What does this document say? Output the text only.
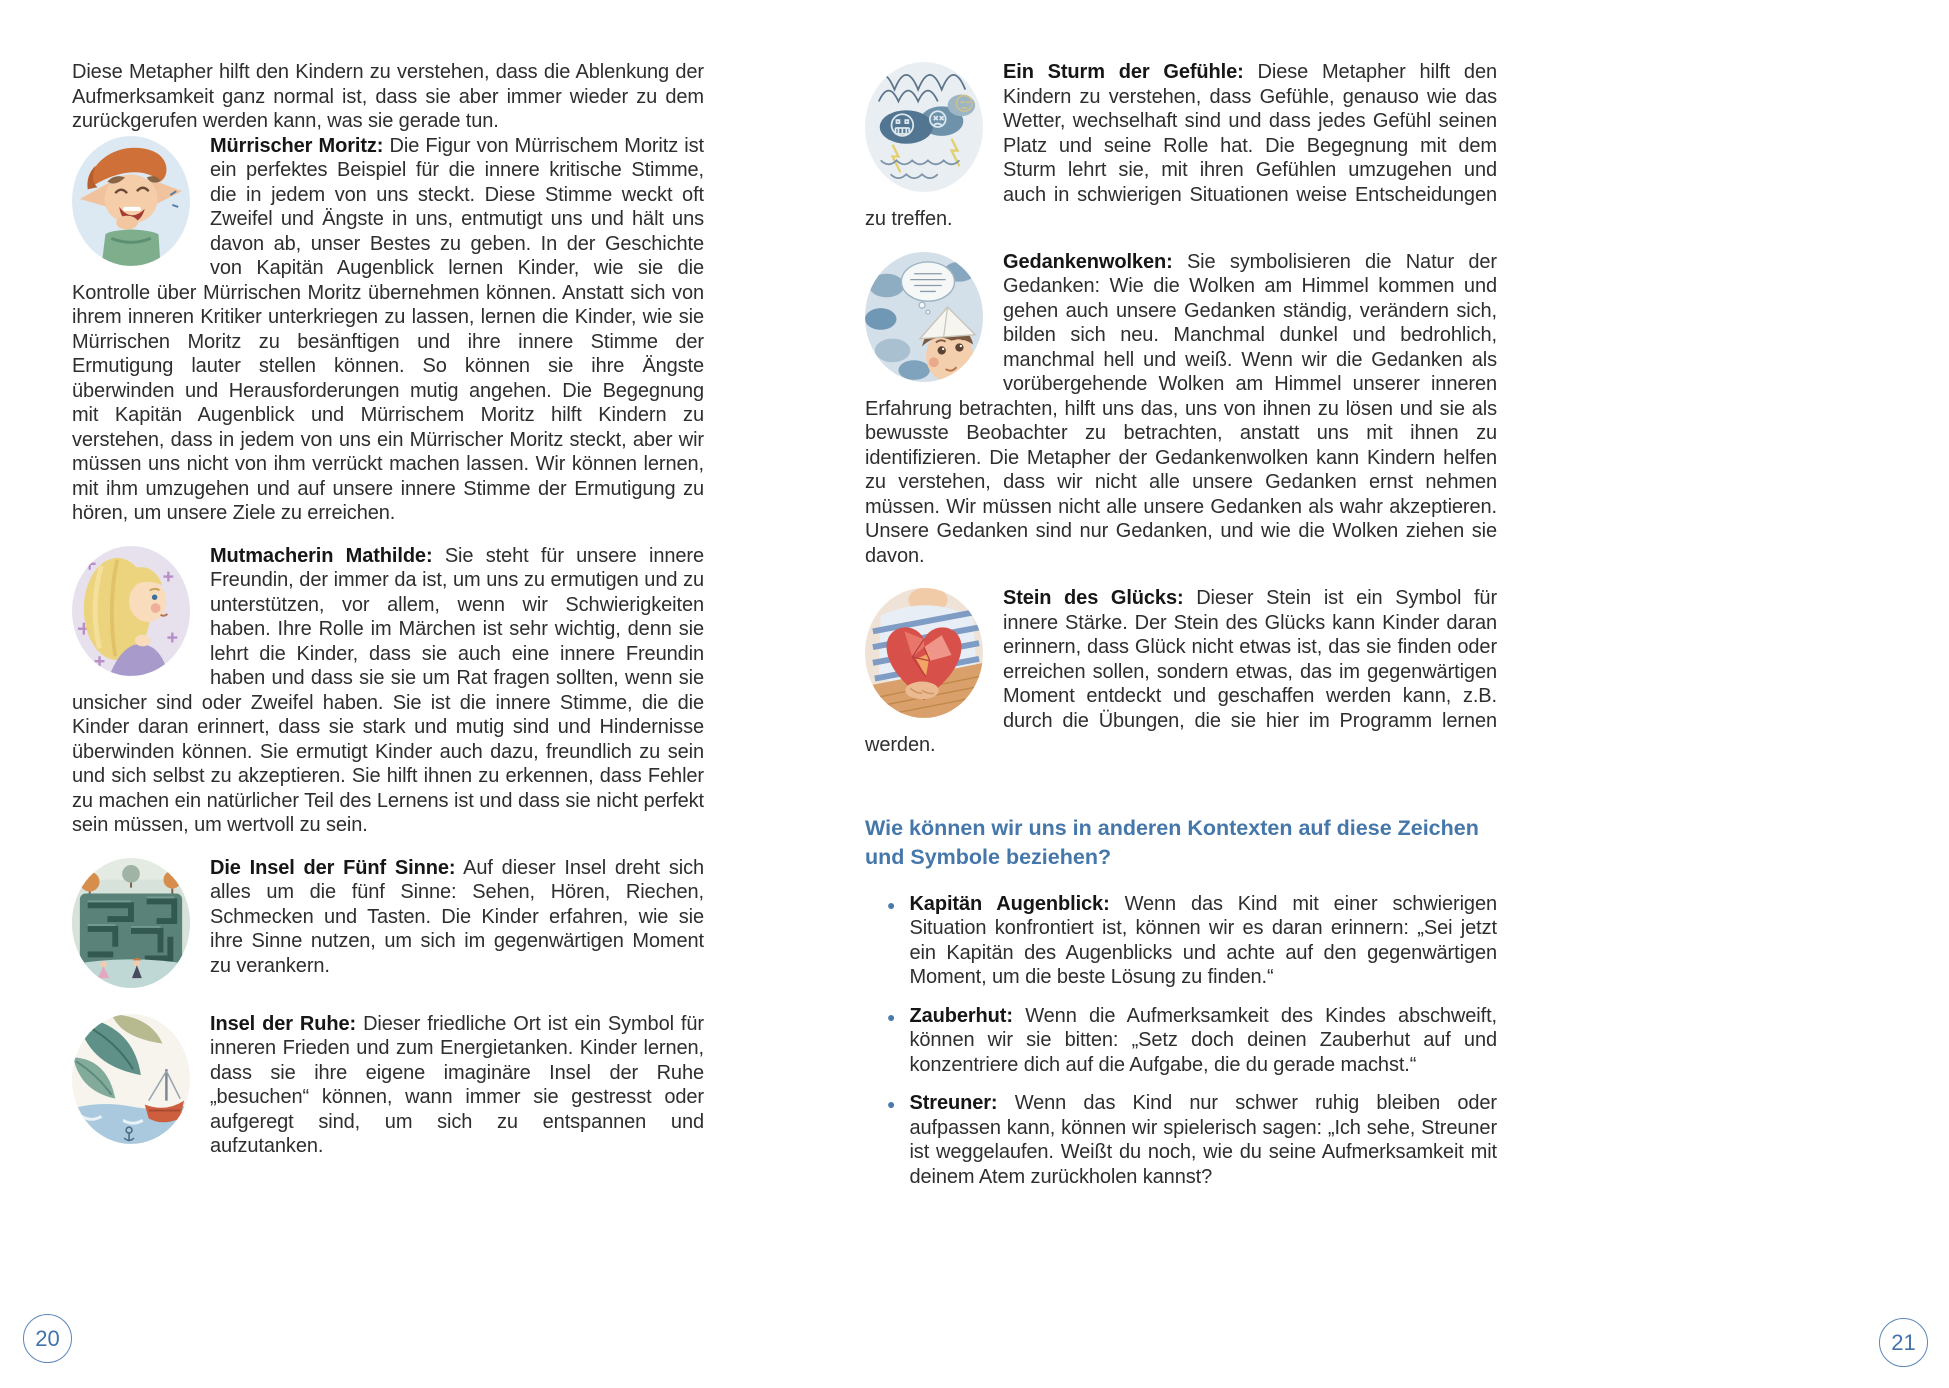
Diese Metapher hilft den Kindern zu verstehen, dass die Ablenkung der Aufmerksamkeit ganz normal ist, dass sie aber immer wieder zu dem zurückgerufen werden kann, was sie gerade tun.

Mürrischer Moritz: Die Figur von Mürrischem Moritz ist ein perfektes Beispiel für die innere kritische Stimme, die in jedem von uns steckt. Diese Stimme weckt oft Zweifel und Ängste in uns, entmutigt uns und hält uns davon ab, unser Bestes zu geben. In der Geschichte von Kapitän Augenblick lernen Kinder, wie sie die Kontrolle über Mürrischen Moritz übernehmen können. Anstatt sich von ihrem inneren Kritiker unterkriegen zu lassen, lernen die Kinder, wie sie Mürrischen Moritz zu besänftigen und ihre innere Stimme der Ermutigung lauter stellen können. So können sie ihre Ängste überwinden und Herausforderungen mutig angehen. Die Begegnung mit Kapitän Augenblick und Mürrischem Moritz hilft Kindern zu verstehen, dass in jedem von uns ein Mürrischer Moritz steckt, aber wir müssen uns nicht von ihm verrückt machen lassen. Wir können lernen, mit ihm umzugehen und auf unsere innere Stimme der Ermutigung zu hören, um unsere Ziele zu erreichen.

Mutmacherin Mathilde: Sie steht für unsere innere Freundin, der immer da ist, um uns zu ermutigen und zu unterstützen, vor allem, wenn wir Schwierigkeiten haben. Ihre Rolle im Märchen ist sehr wichtig, denn sie lehrt die Kinder, dass sie auch eine innere Freundin haben und dass sie sie um Rat fragen sollten, wenn sie unsicher sind oder Zweifel haben. Sie ist die innere Stimme, die die Kinder daran erinnert, dass sie stark und mutig sind und Hindernisse überwinden können. Sie ermutigt Kinder auch dazu, freundlich zu sein und sich selbst zu akzeptieren. Sie hilft ihnen zu erkennen, dass Fehler zu machen ein natürlicher Teil des Lernens ist und dass sie nicht perfekt sein müssen, um wertvoll zu sein.

Die Insel der Fünf Sinne: Auf dieser Insel dreht sich alles um die fünf Sinne: Sehen, Hören, Riechen, Schmecken und Tasten. Die Kinder erfahren, wie sie ihre Sinne nutzen, um sich im gegenwärtigen Moment zu verankern.

Insel der Ruhe: Dieser friedliche Ort ist ein Symbol für inneren Frieden und zum Energietanken. Kinder lernen, dass sie ihre eigene imaginäre Insel der Ruhe „besuchen“ können, wann immer sie gestresst oder aufgeregt sind, um sich zu entspannen und aufzutanken.

Ein Sturm der Gefühle: Diese Metapher hilft den Kindern zu verstehen, dass Gefühle, genauso wie das Wetter, wechselhaft sind und dass jedes Gefühl seinen Platz und seine Rolle hat. Die Begegnung mit dem Sturm lehrt sie, mit ihren Gefühlen umzugehen und auch in schwierigen Situationen weise Entscheidungen zu treffen.

Gedankenwolken: Sie symbolisieren die Natur der Gedanken: Wie die Wolken am Himmel kommen und gehen auch unsere Gedanken ständig, verändern sich, bilden sich neu. Manchmal dunkel und bedrohlich, manchmal hell und weiß. Wenn wir die Gedanken als vorübergehende Wolken am Himmel unserer inneren Erfahrung betrachten, hilft uns das, uns von ihnen zu lösen und sie als bewusste Beobachter zu betrachten, anstatt uns mit ihnen zu identifizieren. Die Metapher der Gedankenwolken kann Kindern helfen zu verstehen, dass wir nicht alle unsere Gedanken ernst nehmen müssen. Wir müssen nicht alle unsere Gedanken als wahr akzeptieren. Unsere Gedanken sind nur Gedanken, und wie die Wolken ziehen sie davon.

Stein des Glücks: Dieser Stein ist ein Symbol für innere Stärke. Der Stein des Glücks kann Kinder daran erinnern, dass Glück nicht etwas ist, das sie finden oder erreichen sollen, sondern etwas, das im gegenwärtigen Moment entdeckt und geschaffen werden kann, z.B. durch die Übungen, die sie hier im Programm lernen werden.

Wie können wir uns in anderen Kontexten auf diese Zeichen und Symbole beziehen?
● Kapitän Augenblick: Wenn das Kind mit einer schwierigen Situation konfrontiert ist, können wir es daran erinnern: „Sei jetzt ein Kapitän des Augenblicks und achte auf den gegenwärtigen Moment, um die beste Lösung zu finden.“

● Zauberhut: Wenn die Aufmerksamkeit des Kindes abschweift, können wir sie bitten: „Setz doch deinen Zauberhut auf und konzentriere dich auf die Aufgabe, die du gerade machst.“

● Streuner: Wenn das Kind nur schwer ruhig bleiben oder aufpassen kann, können wir spielerisch sagen: „Ich sehe, Streuner ist weggelaufen. Weißt du noch, wie du seine Aufmerksamkeit mit deinem Atem zurückholen kannst?

20	21
